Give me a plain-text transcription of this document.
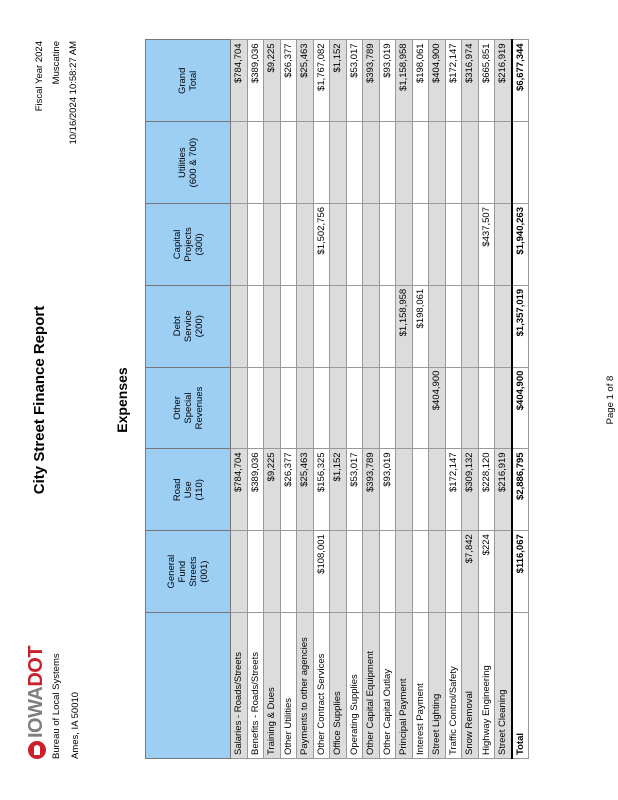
IOWADOT Bureau of Local Systems Ames, IA 50010
City Street Finance Report
Fiscal Year 2024 Muscatine 10/16/2024 10:58:27 AM
Expenses
	General
Fund
Streets
(001)	Road
Use
(110)	Other
Special
Revenues	Debt
Service
(200)	Capital
Projects
(300)	Utilities
(600 & 700)	Grand
Total
Salaries - Roads/Streets		$784,704					$784,704
Benefits - Roads/Streets		$389,036					$389,036
Training & Dues		$9,225					$9,225
Other Utilities		$26,377					$26,377
Payments to other agencies		$25,463					$25,463
Other Contract Services	$108,001	$156,325			$1,502,756		$1,767,082
Office Supplies		$1,152					$1,152
Operating Supplies		$53,017					$53,017
Other Capital Equipment		$393,789					$393,789
Other Capital Outlay		$93,019					$93,019
Principal Payment				$1,158,958			$1,158,958
Interest Payment				$198,061			$198,061
Street Lighting			$404,900				$404,900
Traffic Control/Safety		$172,147					$172,147
Snow Removal	$7,842	$309,132					$316,974
Highway Engineering	$224	$228,120			$437,507		$665,851
Street Cleaning		$216,919					$216,919
Total	$116,067	$2,886,795	$404,900	$1,357,019	$1,940,263		$6,677,344
Page 1 of 8
